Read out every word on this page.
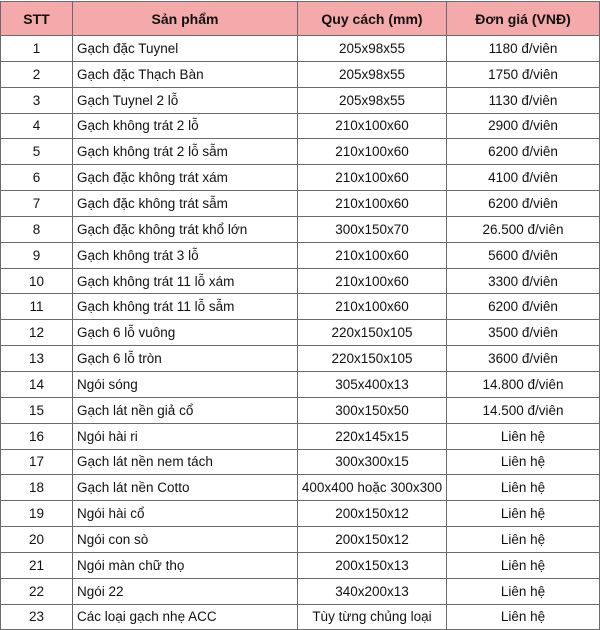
STT	Sản phẩm	Quy cách (mm)	Đơn giá (VNĐ)
1	Gạch đặc Tuynel	205x98x55	1180 đ/viên
2	Gạch đặc Thạch Bàn	205x98x55	1750 đ/viên
3	Gạch Tuynel 2 lỗ	205x98x55	1130 đ/viên
4	Gạch không trát 2 lỗ	210x100x60	2900 đ/viên
5	Gạch không trát 2 lỗ sẫm	210x100x60	6200 đ/viên
6	Gạch đặc không trát xám	210x100x60	4100 đ/viên
7	Gạch đặc không trát sẫm	210x100x60	6200 đ/viên
8	Gạch đặc không trát khổ lớn	300x150x70	26.500 đ/viên
9	Gạch không trát 3 lỗ	210x100x60	5600 đ/viên
10	Gạch không trát 11 lỗ xám	210x100x60	3300 đ/viên
11	Gạch không trát 11 lỗ sẫm	210x100x60	6200 đ/viên
12	Gạch 6 lỗ vuông	220x150x105	3500 đ/viên
13	Gạch 6 lỗ tròn	220x150x105	3600 đ/viên
14	Ngói sóng	305x400x13	14.800 đ/viên
15	Gạch lát nền giả cổ	300x150x50	14.500 đ/viên
16	Ngói hài ri	220x145x15	Liên hệ
17	Gạch lát nền nem tách	300x300x15	Liên hệ
18	Gạch lát nền Cotto	400x400 hoặc 300x300	Liên hệ
19	Ngói hài cổ	200x150x12	Liên hệ
20	Ngói con sò	200x150x12	Liên hệ
21	Ngói màn chữ thọ	200x150x13	Liên hệ
22	Ngói 22	340x200x13	Liên hệ
23	Các loại gạch nhẹ ACC	Tùy từng chủng loại	Liên hệ
